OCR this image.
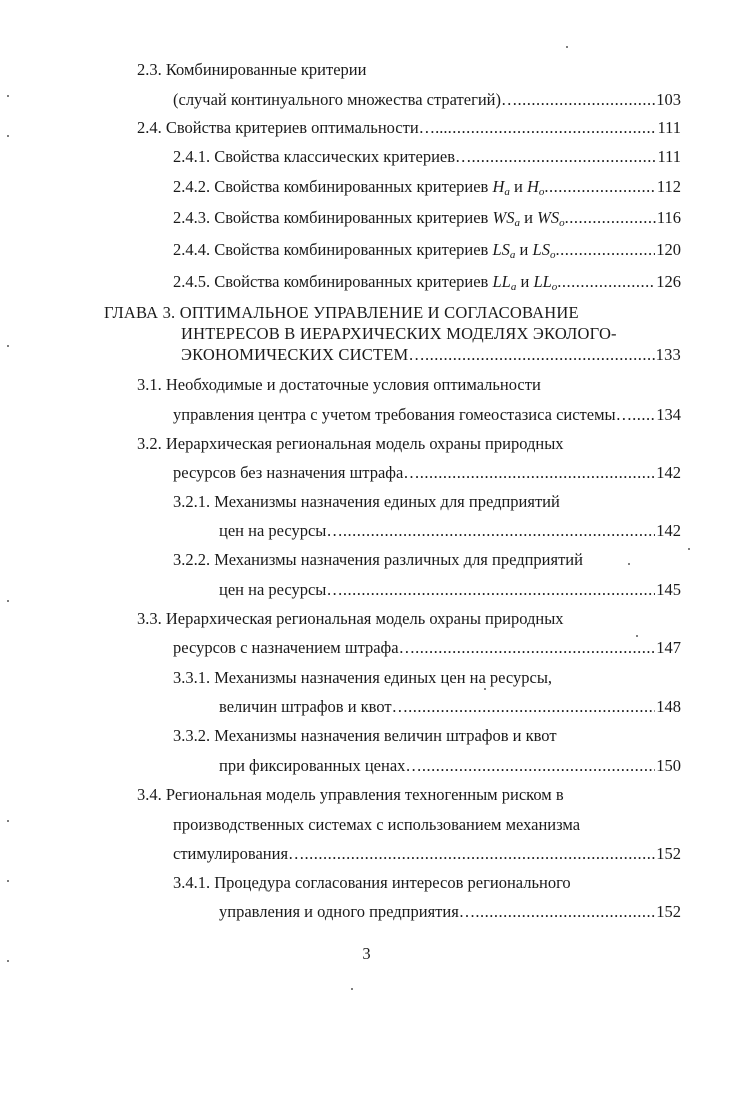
2.3. Комбинированные критерии
(случай континуального множества стратегий)… .....	103
2.4. Свойства критериев оптимальности…... .....	111
2.4.1. Свойства классических критериев… .....	111
2.4.2. Свойства комбинированных критериев $H_a$ и $H_o$ .....	112
2.4.3. Свойства комбинированных критериев $WS_a$ и $WS_o$ .....	116
2.4.4. Свойства комбинированных критериев $LS_a$ и $LS_o$ .....	120
2.4.5. Свойства комбинированных критериев $LL_a$ и $LL_o$ .....	126
ГЛАВА 3. ОПТИМАЛЬНОЕ УПРАВЛЕНИЕ И СОГЛАСОВАНИЕ
ИНТЕРЕСОВ В ИЕРАРХИЧЕСКИХ МОДЕЛЯХ ЭКОЛОГО-
ЭКОНОМИЧЕСКИХ СИСТЕМ… .....	133
3.1. Необходимые и достаточные условия оптимальности
управления центра с учетом требования гомеостазиса системы… ..... 134
3.2. Иерархическая региональная модель охраны природных
ресурсов без назначения штрафа… .....	142
3.2.1. Механизмы назначения единых для предприятий
цен на ресурсы… .....	142
3.2.2. Механизмы назначения различных для предприятий
цен на ресурсы… .....	145
3.3. Иерархическая региональная модель охраны природных
ресурсов с назначением штрафа… .....	147
3.3.1. Механизмы назначения единых цен на ресурсы,
величин штрафов и квот… .....	148
3.3.2. Механизмы назначения величин штрафов и квот
при фиксированных ценах… .....	150
3.4. Региональная модель управления техногенным риском в
производственных системах с использованием механизма
стимулирования… .....	152
3.4.1. Процедура согласования интересов регионального
управления и одного предприятия… .....	152
3
